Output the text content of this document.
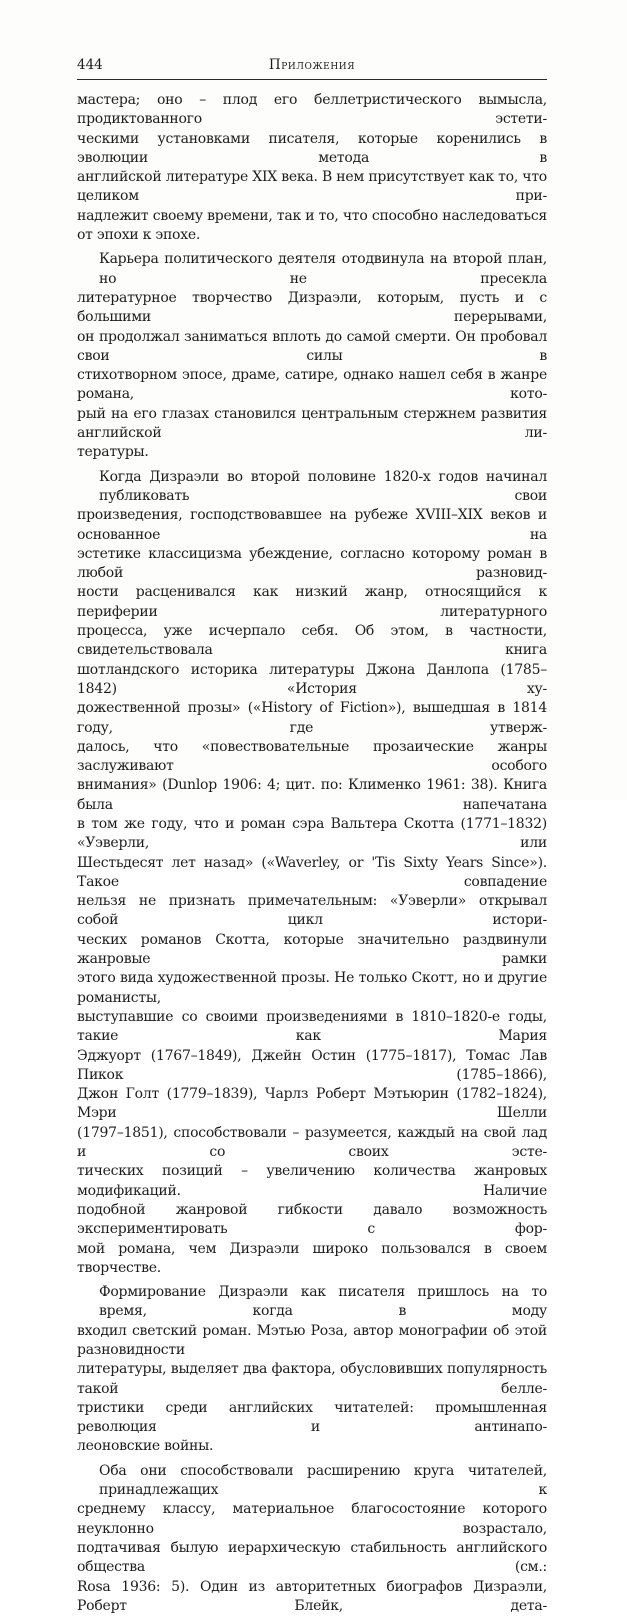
444	Приложения

мастера; оно – плод его беллетристического вымысла, продиктованного эстети-
ческими установками писателя, которые коренились в эволюции метода в
английской литературе XIX века. В нем присутствует как то, что целиком при-
надлежит своему времени, так и то, что способно наследоваться от эпохи к эпохе.

Карьера политического деятеля отодвинула на второй план, но не пресекла
литературное творчество Дизраэли, которым, пусть и с большими перерывами,
он продолжал заниматься вплоть до самой смерти. Он пробовал свои силы в
стихотворном эпосе, драме, сатире, однако нашел себя в жанре романа, кото-
рый на его глазах становился центральным стержнем развития английской ли-
тературы.

Когда Дизраэли во второй половине 1820-х годов начинал публиковать свои
произведения, господствовавшее на рубеже XVIII–XIX веков и основанное на
эстетике классицизма убеждение, согласно которому роман в любой разновид-
ности расценивался как низкий жанр, относящийся к периферии литературного
процесса, уже исчерпало себя. Об этом, в частности, свидетельствовала книга
шотландского историка литературы Джона Данлопа (1785–1842) «История ху-
дожественной прозы» («History of Fiction»), вышедшая в 1814 году, где утверж-
далось, что «повествовательные прозаические жанры заслуживают особого
внимания» (Dunlop 1906: 4; цит. по: Клименко 1961: 38). Книга была напечатана
в том же году, что и роман сэра Вальтера Скотта (1771–1832) «Уэверли, или
Шестьдесят лет назад» («Waverley, or 'Tis Sixty Years Since»). Такое совпадение
нельзя не признать примечательным: «Уэверли» открывал собой цикл истори-
ческих романов Скотта, которые значительно раздвинули жанровые рамки
этого вида художественной прозы. Не только Скотт, но и другие романисты,
выступавшие со своими произведениями в 1810–1820-е годы, такие как Мария
Эджуорт (1767–1849), Джейн Остин (1775–1817), Томас Лав Пикок (1785–1866),
Джон Голт (1779–1839), Чарлз Роберт Мэтьюрин (1782–1824), Мэри Шелли
(1797–1851), способствовали – разумеется, каждый на свой лад и со своих эсте-
тических позиций – увеличению количества жанровых модификаций. Наличие
подобной жанровой гибкости давало возможность экспериментировать с фор-
мой романа, чем Дизраэли широко пользовался в своем творчестве.

Формирование Дизраэли как писателя пришлось на то время, когда в моду
входил светский роман. Мэтью Роза, автор монографии об этой разновидности
литературы, выделяет два фактора, обусловивших популярность такой белле-
тристики среди английских читателей: промышленная революция и антинапо-
леоновские войны.

Оба они способствовали расширению круга читателей, принадлежащих к
среднему классу, материальное благосостояние которого неуклонно возрастало,
подтачивая былую иерархическую стабильность английского общества (см.:
Rosa 1936: 5). Один из авторитетных биографов Дизраэли, Роберт Блейк, дета-
